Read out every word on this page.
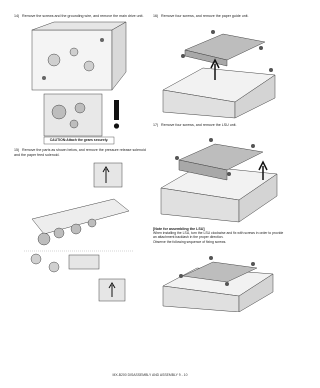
14) Remove the screws and the grounding wire, and remove the main drive unit.

CAUTION:Attach the gears securely.

15) Remove the parts as shown below, and remove the pressure release solenoid and the paper feed solenoid.

16) Remove four screws, and remove the paper guide unit.

17) Remove four screws, and remove the LSU unit.

[Note for assembling the LSU]

When installing the LSU, turn the LSU clockwise and fix with screws in order to provide an attachment backlash in the proper direction.

Observe the following sequence of fixing screws.

MX-B200 DISASSEMBLY AND ASSEMBLY 9 - 10
